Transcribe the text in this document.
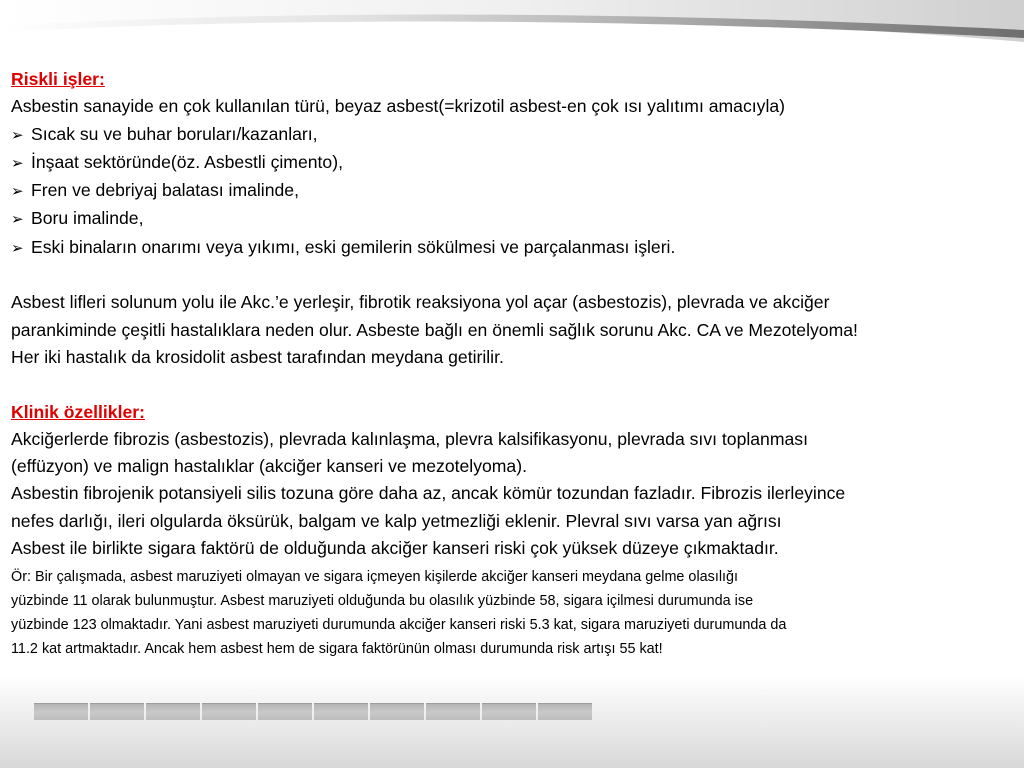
Riskli işler:

Asbestin sanayide en çok kullanılan türü, beyaz asbest(=krizotil asbest-en çok ısı yalıtımı amacıyla)

➢ Sıcak su ve buhar boruları/kazanları,
➢ İnşaat sektöründe(öz. Asbestli çimento),
➢ Fren ve debriyaj balatası imalinde,
➢ Boru imalinde,
➢ Eski binaların onarımı veya yıkımı, eski gemilerin sökülmesi ve parçalanması işleri.

Asbest lifleri solunum yolu ile Akc.’e yerleşir, fibrotik reaksiyona yol açar (asbestozis), plevrada ve akciğer

parankiminde çeşitli hastalıklara neden olur. Asbeste bağlı en önemli sağlık sorunu Akc. CA ve Mezotelyoma!

Her iki hastalık da krosidolit asbest tarafından meydana getirilir.

Klinik özellikler:

Akciğerlerde fibrozis (asbestozis), plevrada kalınlaşma, plevra kalsifikasyonu, plevrada sıvı toplanması

(effüzyon) ve malign hastalıklar (akciğer kanseri ve mezotelyoma).

Asbestin fibrojenik potansiyeli silis tozuna göre daha az, ancak kömür tozundan fazladır. Fibrozis ilerleyince

nefes darlığı, ileri olgularda öksürük, balgam ve kalp yetmezliği eklenir. Plevral sıvı varsa yan ağrısı

Asbest ile birlikte sigara faktörü de olduğunda akciğer kanseri riski çok yüksek düzeye çıkmaktadır.

Ör: Bir çalışmada, asbest maruziyeti olmayan ve sigara içmeyen kişilerde akciğer kanseri meydana gelme olasılığı

yüzbinde 11 olarak bulunmuştur. Asbest maruziyeti olduğunda bu olasılık yüzbinde 58, sigara içilmesi durumunda ise

yüzbinde 123 olmaktadır. Yani asbest maruziyeti durumunda akciğer kanseri riski 5.3 kat, sigara maruziyeti durumunda da

11.2 kat artmaktadır. Ancak hem asbest hem de sigara faktörünün olması durumunda risk artışı 55 kat!
